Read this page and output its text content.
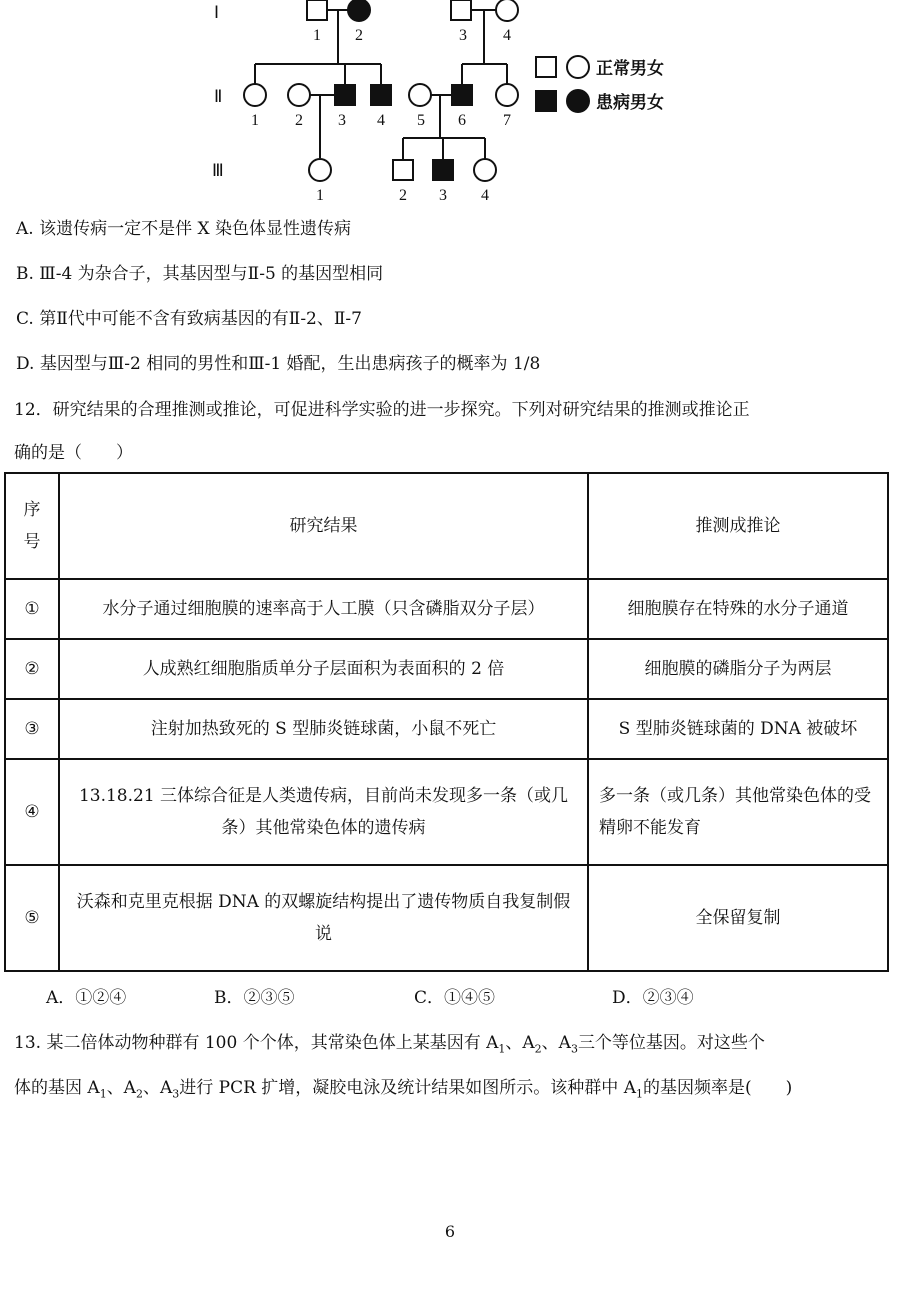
Ⅰ
Ⅱ
Ⅲ
1 2	3 4
1 2 3 4 5 6 7
1	2 3 4
正常男女
患病男女
A. 该遗传病一定不是伴 X 染色体显性遗传病
B. Ⅲ-4 为杂合子，其基因型与Ⅱ-5 的基因型相同
C. 第Ⅱ代中可能不含有致病基因的有Ⅱ-2、Ⅱ-7
D. 基因型与Ⅲ-2 相同的男性和Ⅲ-1 婚配，生出患病孩子的概率为 1/8
12．研究结果的合理推测或推论，可促进科学实验的进一步探究。下列对研究结果的推测或推论正
确的是（　　）
序号	研究结果	推测成推论
①	水分子通过细胞膜的速率高于人工膜（只含磷脂双分子层）	细胞膜存在特殊的水分子通道
②	人成熟红细胞脂质单分子层面积为表面积的 2 倍	细胞膜的磷脂分子为两层
③	注射加热致死的 S 型肺炎链球菌，小鼠不死亡	S 型肺炎链球菌的 DNA 被破坏
④	13.18.21 三体综合征是人类遗传病，目前尚未发现多一条（或几条）其他常染色体的遗传病	多一条（或几条）其他常染色体的受精卵不能发育
⑤	沃森和克里克根据 DNA 的双螺旋结构提出了遗传物质自我复制假说	全保留复制
A．①②④	B．②③⑤	C．①④⑤	D．②③④
13. 某二倍体动物种群有 100 个个体，其常染色体上某基因有 $A_1$、$A_2$、$A_3$三个等位基因。对这些个
体的基因 $A_1$、$A_2$、$A_3$进行 PCR 扩增，凝胶电泳及统计结果如图所示。该种群中 $A_1$的基因频率是(　　)
6
